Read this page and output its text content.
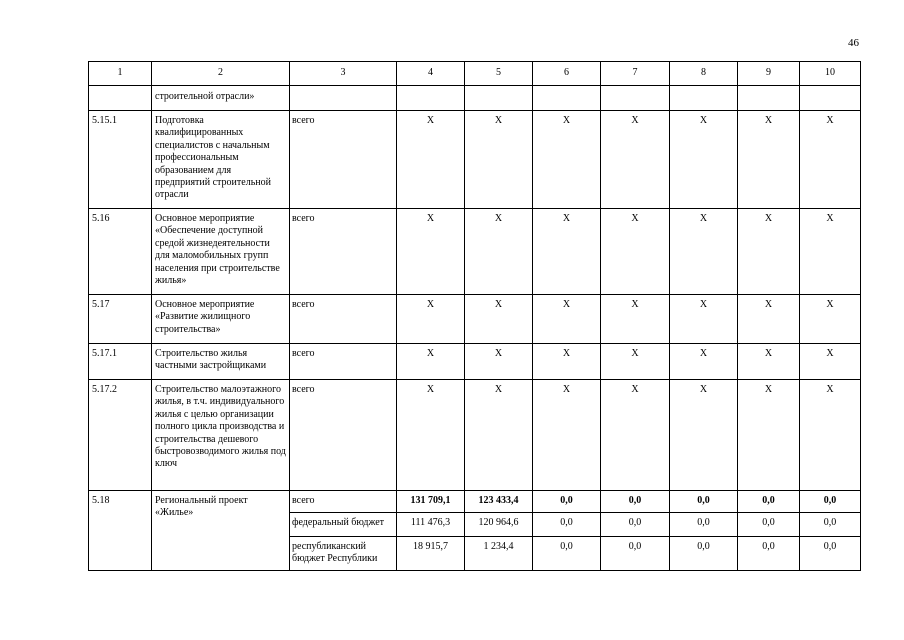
46
1	2	3	4	5	6	7	8	9	10
	строительной отрасли»								
5.15.1	Подготовка квалифицированных специалистов с начальным профессиональным образованием для предприятий строительной отрасли	всего	Х	Х	Х	Х	Х	Х	Х
5.16	Основное мероприятие «Обеспечение доступной средой жизнедеятельности для маломобильных групп населения при строительстве жилья»	всего	Х	Х	Х	Х	Х	Х	Х
5.17	Основное мероприятие «Развитие жилищного строительства»	всего	Х	Х	Х	Х	Х	Х	Х
5.17.1	Строительство жилья частными застройщиками	всего	Х	Х	Х	Х	Х	Х	Х
5.17.2	Строительство малоэтажного жилья, в т.ч. индивидуального жилья с целью организации полного цикла производства и строительства дешевого быстровозводимого жилья под ключ	всего	Х	Х	Х	Х	Х	Х	Х
5.18	Региональный проект «Жилье»	всего	131 709,1	123 433,4	0,0	0,0	0,0	0,0	0,0
		федеральный бюджет	111 476,3	120 964,6	0,0	0,0	0,0	0,0	0,0
		республиканский бюджет Республики	18 915,7	1 234,4	0,0	0,0	0,0	0,0	0,0
